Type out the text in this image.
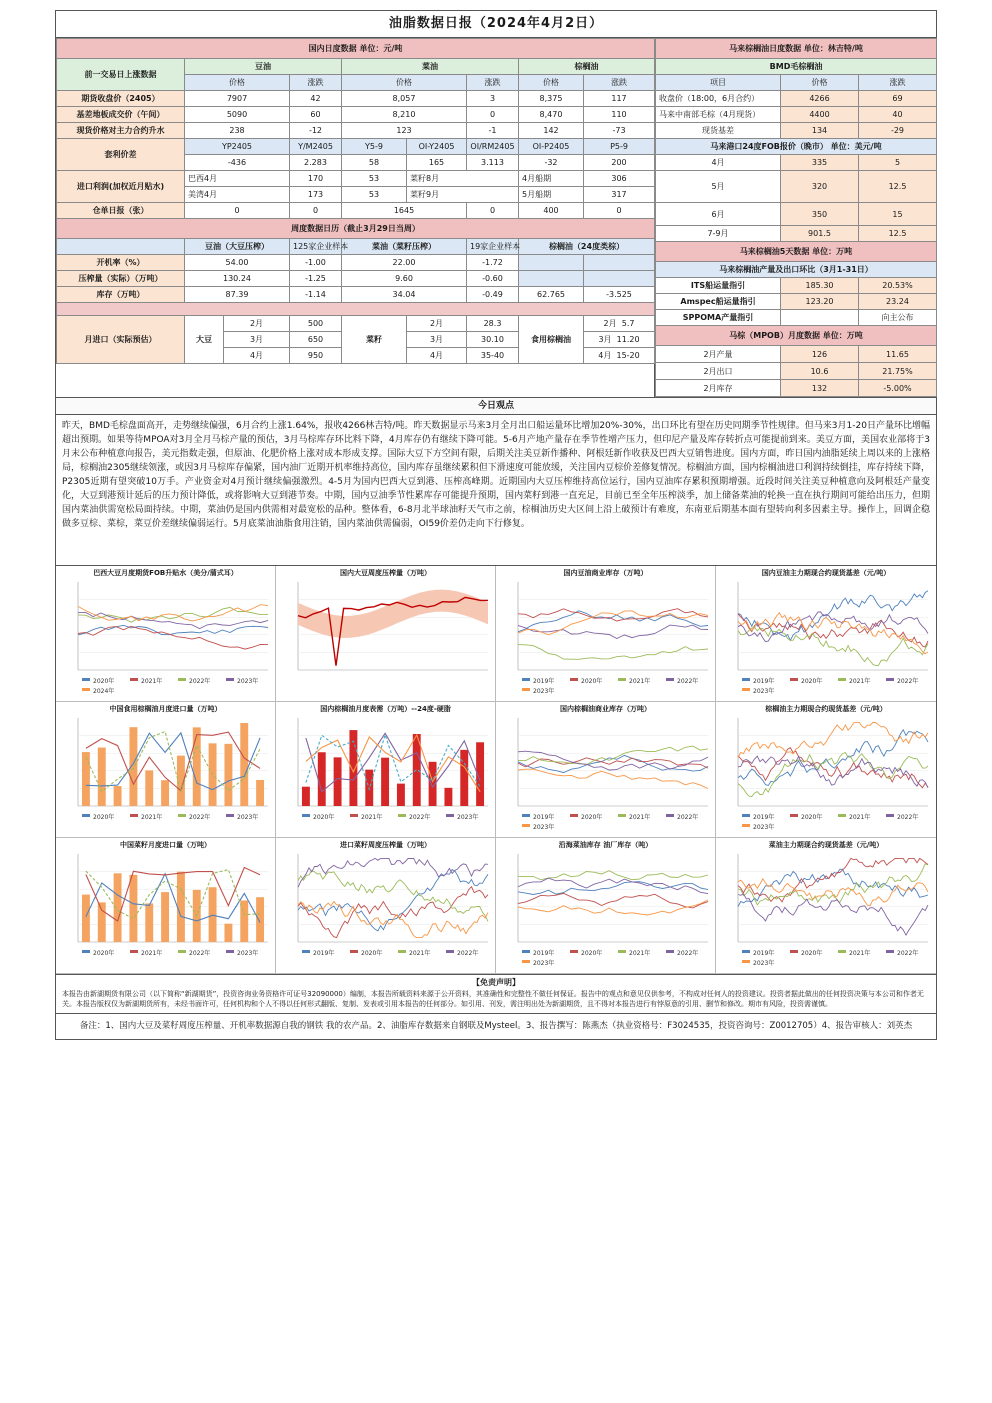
油脂数据日报（2024年4月2日）
国内日度数据 单位：元/吨								
前一交易日上涨数据	豆油			菜油			棕榈油	
	价格		涨跌	价格		涨跌	价格	涨跌
期货收盘价（2405）	7907		42	8,057		3	8,375	117
基差地板成交价（午间）	5090		60	8,210		0	8,470	110
现货价格对主力合约升水	238		-12	123		-1	142	-73
套利价差	YP2405		Y/M2405	Y5-9	OI-Y2405	OI/RM2405	OI-P2405	P5-9
	-436		2.283	58	165	3.113	-32	200
进口利润(加权近月贴水)	巴西4月		170	53	菜籽8月		4月船期	306
	美湾4月		173	53	菜籽9月		5月船期	317
仓单日报（张）	0		0	1645		0	400	0
周度数据日历（截止3月29日当周）								
	豆油（大豆压榨）		125家企业样本	菜油（菜籽压榨）		19家企业样本	棕榈油（24度类棕）	
开机率（%）	54.00		-1.00	22.00		-1.72		
压榨量（实际）（万吨）	130.24		-1.25	9.60		-0.60		
库存（万吨）	87.39		-1.14	34.04		-0.49	62.765	-3.525

月进口（实际预估）	大豆	2月	500	菜籽	2月	28.3	食用棕榈油	2月 5.7
		3月	650		3月	30.10		3月 11.20
		4月	950		4月	35-40		4月 15-20
马来棕榈油日度数据 单位：林吉特/吨		
BMD毛棕榈油		
项目	价格	涨跌
收盘价（18:00，6月合约）	4266	69
马来中南部毛棕（4月现货）	4400	40
现货基差	134	-29
马来港口24度FOB报价（晚市） 单位：美元/吨		
4月	335	5
5月	320	12.5
6月	350	15
7-9月	901.5	12.5
马来棕榈油5天数据 单位：万吨		
马来棕榈油产量及出口环比（3月1-31日）		
ITS船运量指引	185.30	20.53%
Amspec船运量指引	123.20	23.24
SPPOMA产量指引		向主公布
马棕（MPOB）月度数据 单位：万吨		
2月产量	126	11.65
2月出口	10.6	21.75%
2月库存	132	-5.00%
今日观点
昨天，BMD毛棕盘面高开，走势继续偏强，6月合约上涨1.64%，报收4266林吉特/吨。昨天数据显示马来3月全月出口船运量环比增加20%-30%，出口环比有望在历史同期季节性规律。但马来3月1-20日产量环比增幅超出预期。如果等待MPOA对3月全月马棕产量的预估，3月马棕库存环比料下降，4月库存仍有继续下降可能。5-6月产地产量存在季节性增产压力，但印尼产量及库存转折点可能提前到来。美豆方面，美国农业部将于3月末公布种植意向报告，美元指数走强，但原油、化肥价格上涨对成本形成支撑。国际大豆下方空间有限，后期关注美豆新作播种、阿根廷新作收获及巴西大豆销售进度。国内方面，昨日国内油脂延续上周以来的上涨格局，棕榈油2305继续领涨，或因3月马棕库存偏紧，国内油厂近期开机率维持高位，国内库存虽继续累积但下滑速度可能放缓，关注国内豆棕价差修复情况。棕榈油方面，国内棕榈油进口利润持续倒挂，库存持续下降，P2305近期有望突破10万手。产业资金对4月预计继续偏强激烈。4-5月为国内巴西大豆到港、压榨高峰期。近期国内大豆压榨维持高位运行，国内豆油库存累积预期增强。近段时间关注美豆种植意向及阿根廷产量变化，大豆到港预计延后的压力预计降低，或将影响大豆到港节奏。中期，国内豆油季节性累库存可能提升预期，国内菜籽到港一直充足，目前已至全年压榨淡季，加上储备菜油的轮换一直在执行期间可能给出压力，但期国内菜油供需宽松局面持续。中期，菜油仍是国内供需相对最宽松的品种。整体看，6-8月北半球油籽天气市之前，棕榈油历史大区间上沿上破预计有难度，东南亚后期基本面有望转向利多因素主导。操作上，回调企稳做多豆棕、菜棕，菜豆价差继续偏弱运行。5月底菜油油脂食用注销，国内菜油供需偏弱，OI59价差仍走向下行修复。
巴西大豆月度期货FOB升贴水（美分/蒲式耳）
2020年	2021年	2022年	2023年
2024年
国内大豆周度压榨量（万吨）	国内豆油商业库存（万吨）
2019年	2020年	2021年	2022年
2023年
国内豆油主力期现合约现货基差（元/吨）
2019年	2020年	2021年	2022年
2023年
中国食用棕榈油月度进口量（万吨）
2020年	2021年	2022年	2023年
国内棕榈油月度表需（万吨）--24度-硬脂
2020年	2021年	2022年	2023年
国内棕榈油商业库存（万吨）
2019年	2020年	2021年	2022年
2023年
棕榈油主力期现合约现货基差（元/吨）
2019年	2020年	2021年	2022年
2023年
中国菜籽月度进口量（万吨）
2020年	2021年	2022年	2023年
进口菜籽周度压榨量（万吨）
2019年	2020年	2021年	2022年
沿海菜油库存 油厂库存（吨）
2019年	2020年	2021年	2022年
2023年
菜油主力期现合约现货基差（元/吨）
2019年	2020年	2021年	2022年
2023年
【免责声明】
本报告由新湖期货有限公司（以下简称“新湖期货”，投资咨询业务资格许可证号32090000）编制，本报告所载资料来源于公开资料，其准确性和完整性不做任何保证。报告中的观点和意见仅供参考，不构成对任何人的投资建议。投资者据此做出的任何投资决策与本公司和作者无关。本报告版权仅为新湖期货所有，未经书面许可，任何机构和个人不得以任何形式翻版、复制、发表或引用本报告的任何部分。如引用、刊发，需注明出处为新湖期货，且不得对本报告进行有悖原意的引用、删节和修改。期市有风险，投资需谨慎。
备注：1、国内大豆及菜籽周度压榨量、开机率数据源自我的钢铁 我的农产品。2、油脂库存数据来自钢联及Mysteel。3、报告撰写：陈燕杰（执业资格号：F3024535，投资咨询号：Z0012705）4、报告审核人：刘英杰
